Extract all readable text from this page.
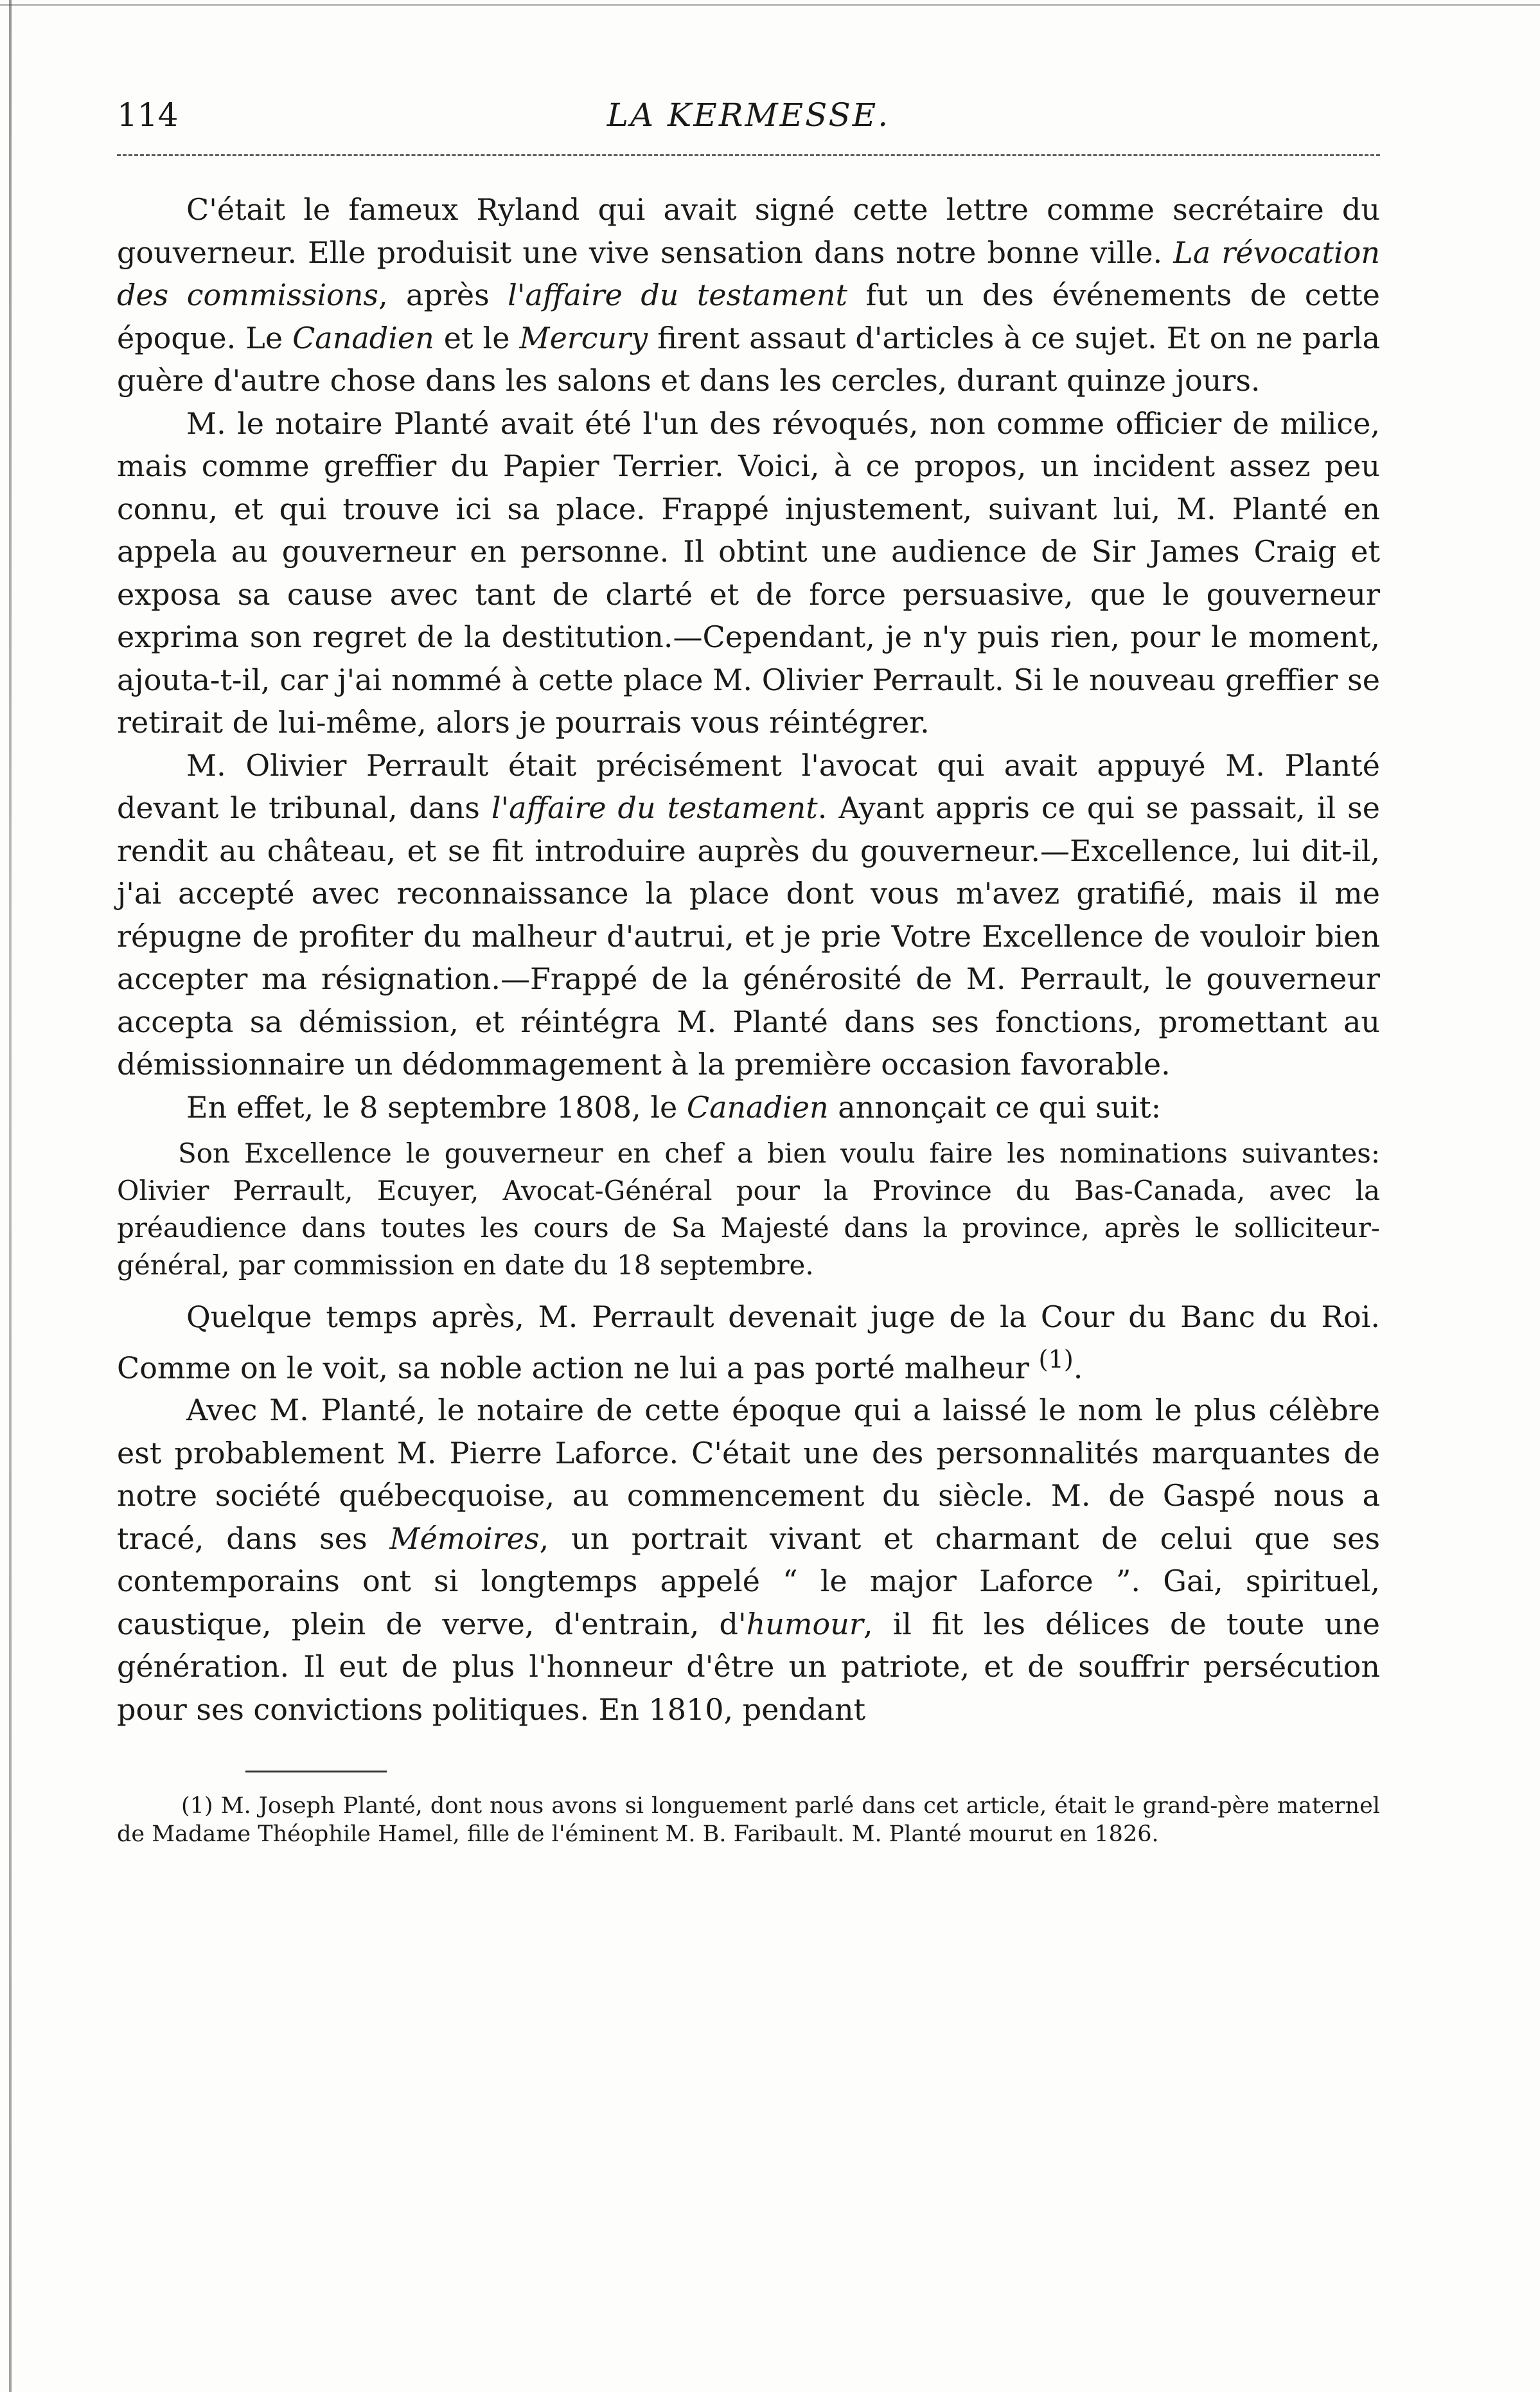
114	LA KERMESSE.

C'était le fameux Ryland qui avait signé cette lettre comme secrétaire du gouverneur. Elle produisit une vive sensation dans notre bonne ville. La révocation des commissions, après l'affaire du testament fut un des événements de cette époque. Le Canadien et le Mercury firent assaut d'articles à ce sujet. Et on ne parla guère d'autre chose dans les salons et dans les cercles, durant quinze jours.

M. le notaire Planté avait été l'un des révoqués, non comme officier de milice, mais comme greffier du Papier Terrier. Voici, à ce propos, un incident assez peu connu, et qui trouve ici sa place. Frappé injustement, suivant lui, M. Planté en appela au gouverneur en personne. Il obtint une audience de Sir James Craig et exposa sa cause avec tant de clarté et de force persuasive, que le gouverneur exprima son regret de la destitution.—Cependant, je n'y puis rien, pour le moment, ajouta-t-il, car j'ai nommé à cette place M. Olivier Perrault. Si le nouveau greffier se retirait de lui-même, alors je pourrais vous réintégrer.

M. Olivier Perrault était précisément l'avocat qui avait appuyé M. Planté devant le tribunal, dans l'affaire du testament. Ayant appris ce qui se passait, il se rendit au château, et se fit introduire auprès du gouverneur.—Excellence, lui dit-il, j'ai accepté avec reconnaissance la place dont vous m'avez gratifié, mais il me répugne de profiter du malheur d'autrui, et je prie Votre Excellence de vouloir bien accepter ma résignation.—Frappé de la générosité de M. Perrault, le gouverneur accepta sa démission, et réintégra M. Planté dans ses fonctions, promettant au démissionnaire un dédommagement à la première occasion favorable.

En effet, le 8 septembre 1808, le Canadien annonçait ce qui suit:

Son Excellence le gouverneur en chef a bien voulu faire les nominations suivantes: Olivier Perrault, Ecuyer, Avocat-Général pour la Province du Bas-Canada, avec la préaudience dans toutes les cours de Sa Majesté dans la province, après le solliciteur-général, par commission en date du 18 septembre.

Quelque temps après, M. Perrault devenait juge de la Cour du Banc du Roi. Comme on le voit, sa noble action ne lui a pas porté malheur $^{(1)}$.

Avec M. Planté, le notaire de cette époque qui a laissé le nom le plus célèbre est probablement M. Pierre Laforce. C'était une des personnalités marquantes de notre société québecquoise, au commencement du siècle. M. de Gaspé nous a tracé, dans ses Mémoires, un portrait vivant et charmant de celui que ses contemporains ont si longtemps appelé “ le major Laforce ”. Gai, spirituel, caustique, plein de verve, d'entrain, d'humour, il fit les délices de toute une génération. Il eut de plus l'honneur d'être un patriote, et de souffrir persécution pour ses convictions politiques. En 1810, pendant

(1) M. Joseph Planté, dont nous avons si longuement parlé dans cet article, était le grand-père maternel de Madame Théophile Hamel, fille de l'éminent M. B. Faribault. M. Planté mourut en 1826.
